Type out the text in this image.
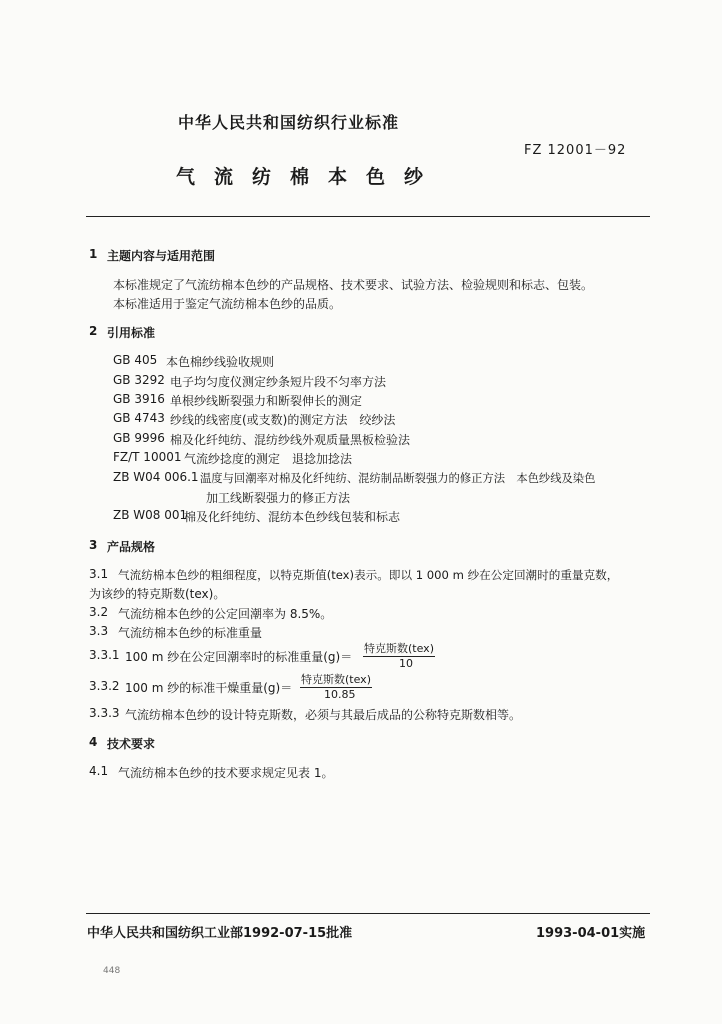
中华人民共和国纺织行业标准
FZ 12001－92
气流纺棉本色纱
1 主题内容与适用范围
本标准规定了气流纺棉本色纱的产品规格、技术要求、试验方法、检验规则和标志、包装。
本标准适用于鉴定气流纺棉本色纱的品质。
2 引用标准
GB 405 本色棉纱线验收规则
GB 3292 电子均匀度仪测定纱条短片段不匀率方法
GB 3916 单根纱线断裂强力和断裂伸长的测定
GB 4743 纱线的线密度(或支数)的测定方法　绞纱法
GB 9996 棉及化纤纯纺、混纺纱线外观质量黑板检验法
FZ/T 10001 气流纱捻度的测定　退捻加捻法
ZB W04 006.1 温度与回潮率对棉及化纤纯纺、混纺制品断裂强力的修正方法　本色纱线及染色
加工线断裂强力的修正方法
ZB W08 001
棉及化纤纯纺、混纺本色纱线包装和标志
3 产品规格
3.1 气流纺棉本色纱的粗细程度，以特克斯值(tex)表示。即以 1 000 m 纱在公定回潮时的重量克数，
为该纱的特克斯数(tex)。
3.2 气流纺棉本色纱的公定回潮率为 8.5%。
3.3 气流纺棉本色纱的标准重量
3.3.1 100 m 纱在公定回潮率时的标准重量(g)＝
特克斯数(tex)
10
3.3.2 100 m 纱的标准干燥重量(g)＝
特克斯数(tex)
10.85
3.3.3 气流纺棉本色纱的设计特克斯数，必须与其最后成品的公称特克斯数相等。
4 技术要求
4.1 气流纺棉本色纱的技术要求规定见表 1。
中华人民共和国纺织工业部1992-07-15批准	1993-04-01实施
448
